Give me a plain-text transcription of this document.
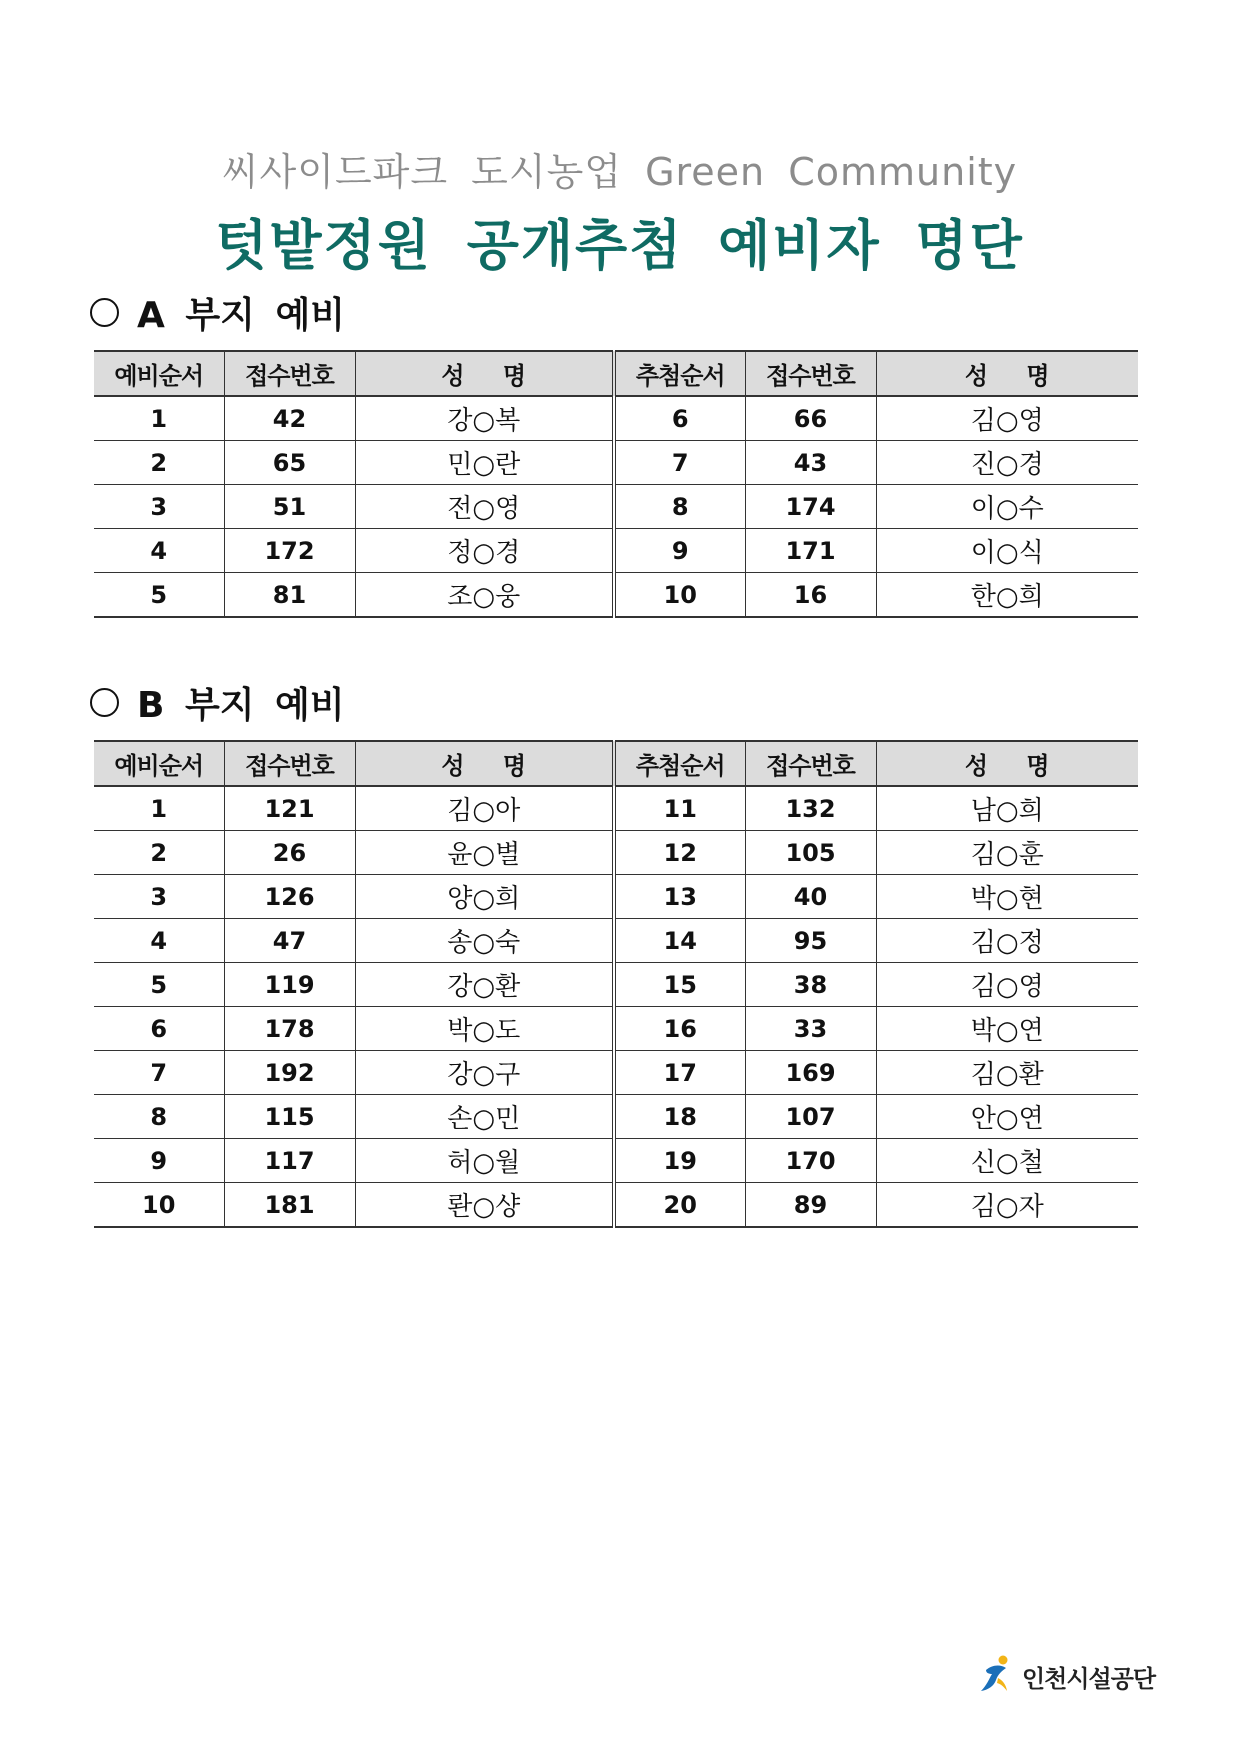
씨사이드파크 도시농업 Green Community
텃밭정원 공개추첨 예비자 명단
A 부지 예비
예비순서	접수번호	성 명	추첨순서	접수번호	성 명
1	42	강○복	6	66	김○영
2	65	민○란	7	43	진○경
3	51	전○영	8	174	이○수
4	172	정○경	9	171	이○식
5	81	조○웅	10	16	한○희
B 부지 예비
예비순서	접수번호	성 명	추첨순서	접수번호	성 명
1	121	김○아	11	132	남○희
2	26	윤○별	12	105	김○훈
3	126	양○희	13	40	박○현
4	47	송○숙	14	95	김○정
5	119	강○환	15	38	김○영
6	178	박○도	16	33	박○연
7	192	강○구	17	169	김○환
8	115	손○민	18	107	안○연
9	117	허○월	19	170	신○철
10	181	롼○샹	20	89	김○자
인천시설공단
